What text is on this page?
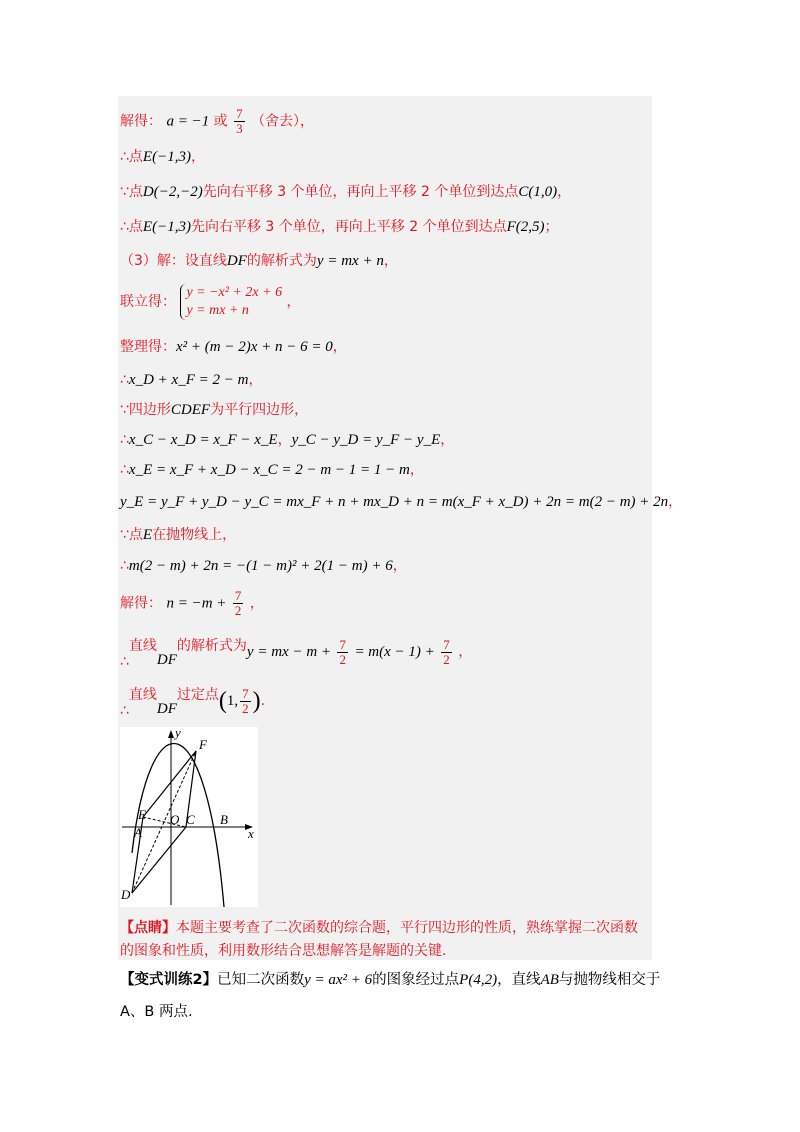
解得： a = −1 或 $\frac{7}{3}$ （舍去），
∴点E(−1,3)，
∵点D(−2,−2)先向右平移 3 个单位，再向上平移 2 个单位到达点C(1,0)，
∴点E(−1,3)先向右平移 3 个单位，再向上平移 2 个单位到达点F(2,5)；
（3）解：设直线DF的解析式为y = mx + n，
联立得：
y = −x² + 2x + 6
y = mx + n
，
整理得：x² + (m − 2)x + n − 6 = 0，
∴x_D + x_F = 2 − m，
∵四边形CDEF为平行四边形，
∴x_C − x_D = x_F − x_E，y_C − y_D = y_F − y_E，
∴x_E = x_F + x_D − x_C = 2 − m − 1 = 1 − m，
y_E = y_F + y_D − y_C = mx_F + n + mx_D + n = m(x_F + x_D) + 2n = m(2 − m) + 2n，
∵点E在抛物线上，
∴m(2 − m) + 2n = −(1 − m)² + 2(1 − m) + 6，
解得： $n = -m + \frac{7}{2}$ ，
∴直线DF的解析式为y = mx − $m + \frac{7}{2} = m(x - 1) + \frac{7}{2}$ ，
∴直线DF过定点(1, $\frac{7}{2}$ ).
y
F
E O C B
A	x
D
【点睛】本题主要考查了二次函数的综合题，平行四边形的性质，熟练掌握二次函数的图象和性质，利用数形结合思想解答是解题的关键.
【变式训练2】已知二次函数y = ax² + 6的图象经过点P(4,2)，直线AB与抛物线相交于
A、B 两点.
